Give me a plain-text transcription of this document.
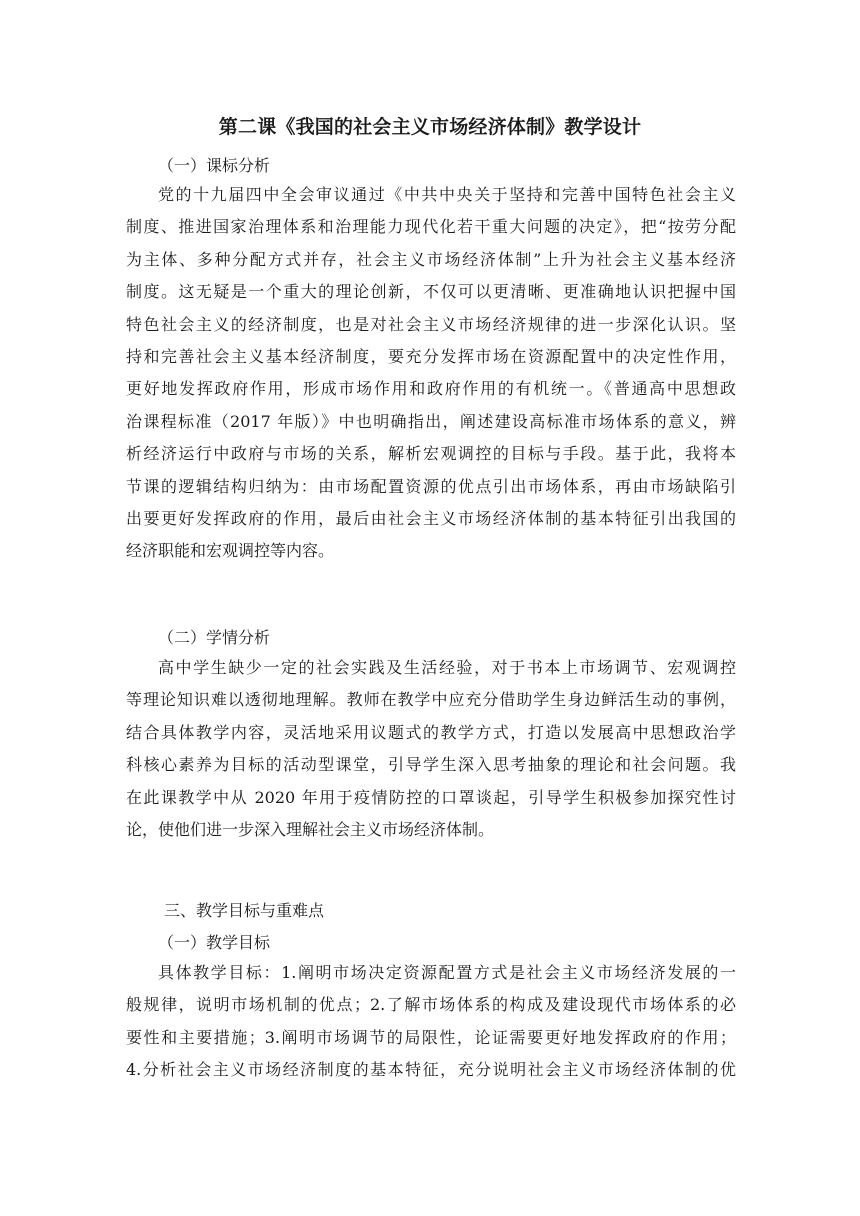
第二课《我国的社会主义市场经济体制》教学设计

（一）课标分析

党的十九届四中全会审议通过《中共中央关于坚持和完善中国特色社会主义
制度、推进国家治理体系和治理能力现代化若干重大问题的决定》，把“按劳分配
为主体、多种分配方式并存，社会主义市场经济体制”上升为社会主义基本经济
制度。这无疑是一个重大的理论创新，不仅可以更清晰、更准确地认识把握中国
特色社会主义的经济制度，也是对社会主义市场经济规律的进一步深化认识。坚
持和完善社会主义基本经济制度，要充分发挥市场在资源配置中的决定性作用，
更好地发挥政府作用，形成市场作用和政府作用的有机统一。《普通高中思想政
治课程标准（2017 年版）》中也明确指出，阐述建设高标准市场体系的意义，辨
析经济运行中政府与市场的关系，解析宏观调控的目标与手段。基于此，我将本
节课的逻辑结构归纳为：由市场配置资源的优点引出市场体系，再由市场缺陷引
出要更好发挥政府的作用，最后由社会主义市场经济体制的基本特征引出我国的
经济职能和宏观调控等内容。

（二）学情分析

高中学生缺少一定的社会实践及生活经验，对于书本上市场调节、宏观调控
等理论知识难以透彻地理解。教师在教学中应充分借助学生身边鲜活生动的事例，
结合具体教学内容，灵活地采用议题式的教学方式，打造以发展高中思想政治学
科核心素养为目标的活动型课堂，引导学生深入思考抽象的理论和社会问题。我
在此课教学中从 2020 年用于疫情防控的口罩谈起，引导学生积极参加探究性讨
论，使他们进一步深入理解社会主义市场经济体制。

三、教学目标与重难点

（一）教学目标

具体教学目标：1.阐明市场决定资源配置方式是社会主义市场经济发展的一
般规律，说明市场机制的优点；2.了解市场体系的构成及建设现代市场体系的必
要性和主要措施；3.阐明市场调节的局限性，论证需要更好地发挥政府的作用；
4.分析社会主义市场经济制度的基本特征，充分说明社会主义市场经济体制的优
